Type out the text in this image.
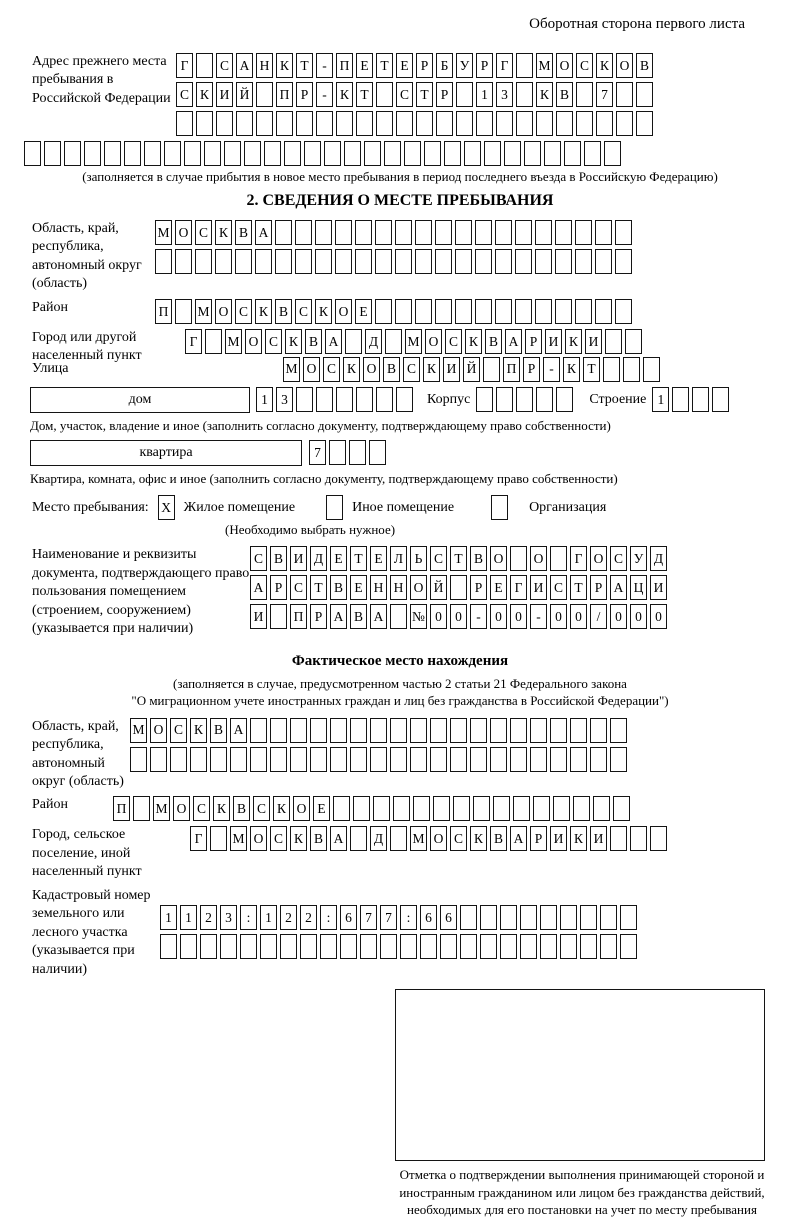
Оборотная сторона первого листа
Адрес прежнего места пребывания в Российской Федерации
Г	С А Н К Т	- П Е Т Е Р Б У Р Г	М О С К О В
С К И Й П Р	- К Т	С Т Р	1 3	К В	7
(заполняется в случае прибытия в новое место пребывания в период последнего въезда в Российскую Федерацию)
2. СВЕДЕНИЯ О МЕСТЕ ПРЕБЫВАНИЯ
Область, край, республика, автономный округ (область)
М О С К В А
Район	П М О С К В С К О Е
Город или другой населенный пункт
Г	М О С К В А Д М О С К В А Р И К И
Улица	М О С К О В С К И Й П Р	- К Т
дом	1 3	Корпус	Строение 1
Дом, участок, владение и иное (заполнить согласно документу, подтверждающему право собственности)
квартира	7
Квартира, комната, офис и иное (заполнить согласно документу, подтверждающему право собственности)
Место пребывания: X Жилое помещение	Иное помещение	Организация
(Необходимо выбрать нужное)
Наименование и реквизиты документа, подтверждающего право пользования помещением (строением, сооружением) (указывается при наличии)
С В И Д Е Т Е Л Ь С Т В О О	Г О С У Д
А Р С Т В Е Н Н О Й	Р Е Г И С Т Р А Ц И
И П Р А В А № 0 0	-	0 0	-	0 0	/	0 0 0
Фактическое место нахождения
(заполняется в случае, предусмотренном частью 2 статьи 21 Федерального закона
"О миграционном учете иностранных граждан и лиц без гражданства в Российской Федерации")
Область, край, республика, автономный округ (область)
М О С К В А
Район	П М О С К В С К О Е
Город, сельское поселение, иной населенный пункт
Г	М О С К В А Д М О С К В А Р И К И
Кадастровый номер земельного или лесного участка (указывается при наличии)
1 1 2 3	:	1 2 2	:	6 7 7	:	6 6
Отметка о подтверждении выполнения принимающей стороной и иностранным гражданином или лицом без гражданства действий, необходимых для его постановки на учет по месту пребывания
